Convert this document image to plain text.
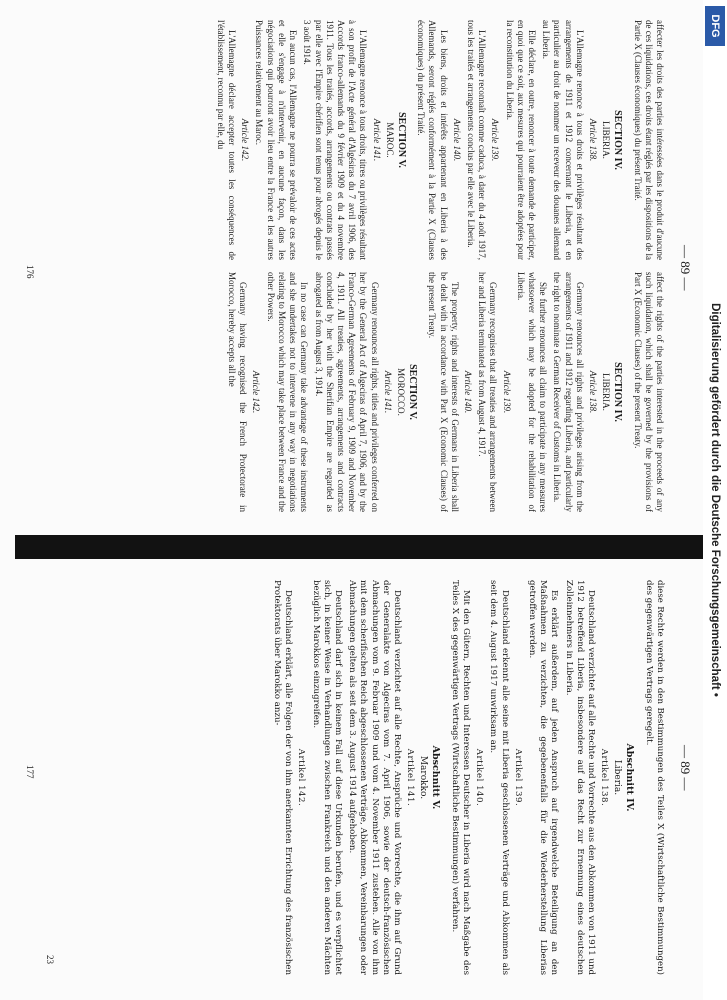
— 89 —

affecter les droits des parties intéressées dans le produit d'aucune de ces liquidations, ces droits étant réglés par les dispositions de la Partie X (Clauses économiques) du présent Traité.

SECTION IV.
LIBERIA.
Article 138.

L'Allemagne renonce à tous droits et privilèges résultant des arrangements de 1911 et 1912 concernant le Liberia, et en particulier au droit de nommer un receveur des douanes allemand au Liberia.

Elle déclare, en outre, renoncer à toute demande de participer, en quoi que ce soit, aux mesures qui pourraient être adoptées pour la reconstitution du Liberia.

Article 139.

L'Allemagne reconnaît comme caduca, à dater du 4 août 1917, tous les traités et arrangements conclus par elle avec le Liberia.

Article 140.

Les biens, droits et intérêts appartenant en Liberia à des Allemands, seront réglés conformément à la Partie X (Clauses économiques) du présent Traité.

SECTION V.
MAROC.
Article 141.

L'Allemagne renonce à tous droits, titres ou privilèges résultant à son profit de l'Acte général d'Algésiras du 7 avril 1906, des Accords franco-allemands du 9 février 1909 et du 4 novembre 1911. Tous les traités, accords, arrangements ou contrats passés par elle avec l'Empire chérifien sont tenus pour abrogés depuis le 3 août 1914.

En aucun cas, l'Allemagne ne pourra se prévaloir de ces actes et elle s'engage à n'intervenir, en aucune façon, dans les négociations qui pourront avoir lieu entre la France et les autres Puissances relativement au Maroc.

Article 142.

L'Allemagne déclare accepter toutes les conséquences de l'établissement, reconnu par elle, du

affect the rights of the parties interested in the proceeds of any such liquidation, which shall be governed by the provisions of Part X (Economic Clauses) of the present Treaty.

SECTION IV.
LIBERIA.
Article 138.

Germany renounces all rights and privileges arising from the arrangements of 1911 and 1912 regarding Liberia, and particularly the right to nominate a German Receiver of Customs in Liberia.

She further renounces all claim to participate in any measures whatsoever which may be adopted for the rehabilitation of Liberia.

Article 139.

Germany recognises that all treaties and arrangements between her and Liberia terminated as from August 4, 1917.

Article 140.

The property, rights and interests of Germans in Liberia shall be dealt with in accordance with Part X (Economic Clauses) of the present Treaty.

SECTION V.
MOROCCO.
Article 141.

Germany renounces all rights, titles and privileges conferred on her by the General Act of Algeciras of April 7, 1906, and by the Franco-German Agreements of February 9, 1909 and November 4, 1911. All treaties, agreements, arrangements and contracts concluded by her with the Sherifian Empire are regarded as abrogated as from August 3, 1914.

In no case can Germany take advantage of these instruments and she undertakes not to intervene in any way in negotiations relating to Morocco which may take place between France and the other Powers.

Article 142.

Germany having recognised the French Protectorate in Morocco, hereby accepts all the

176
— 89 —

diese Rechte werden in den Bestimmungen des Teiles X (Wirtschaftliche Bestimmungen) des gegenwärtigen Vertrags geregelt.

Abschnitt IV.
Liberia.
Artikel 138.

Deutschland verzichtet auf alle Rechte und Vorrechte aus den Abkommen von 1911 und 1912 betreffend Liberia, insbesondere auf das Recht zur Ernennung eines deutschen Zolleinnehmers in Liberia.

Es erklärt außerdem, auf jeden Anspruch auf irgendwelche Beteiligung an den Maßnahmen zu verzichten, die gegebenenfalls für die Wiederherstellung Liberias getroffen werden.

Artikel 139.

Deutschland erkennt alle seine mit Liberia geschlossenen Verträge und Abkommen als seit dem 4. August 1917 unwirksam an.

Artikel 140.

Mit den Gütern, Rechten und Interessen Deutscher in Liberia wird nach Maßgabe des Teiles X des gegenwärtigen Vertrags (Wirtschaftliche Bestimmungen) verfahren.

Abschnitt V.
Marokko.
Artikel 141.

Deutschland verzichtet auf alle Rechte, Ansprüche und Vorrechte, die ihm auf Grund der Generalakte von Algeciras vom 7. April 1906, sowie der deutsch-französischen Abmachungen vom 9. Februar 1909 und vom 4. November 1911 zustehen. Alle von ihm mit dem scherifischen Reich abgeschlossenen Verträge, Abkommen, Vereinbarungen oder Abmachungen gelten als seit dem 3. August 1914 aufgehoben.

Deutschland darf sich in keinem Fall auf diese Urkunden berufen, und es verpflichtet sich, in keiner Weise in Verhandlungen zwischen Frankreich und den anderen Mächten bezüglich Marokkos einzugreifen.

Artikel 142.

Deutschland erklärt, alle Folgen der von ihm anerkannten Errichtung des französischen Protektorats über Marokko anzu-

177
23
Digitalisierung gefördert durch die Deutsche Forschungsgemeinschaft •
DFG
